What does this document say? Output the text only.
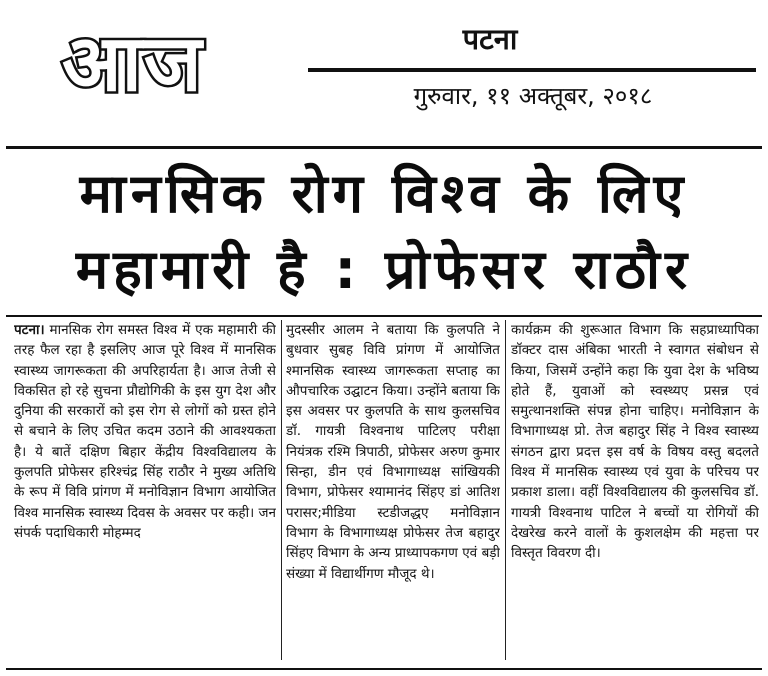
आज	पटना
गुरुवार, ११ अक्तूबर, २०१८
मानसिक रोग विश्व के लिए
महामारी है : प्रोफेसर राठौर

पटना। मानसिक रोग समस्त विश्व में एक महामारी की तरह फैल रहा है इसलिए आज पूरे विश्व में मानसिक स्वास्थ्य जागरूकता की अपरिहार्यता है। आज तेजी से विकसित हो रहे सुचना प्रौद्योगिकी के इस युग देश और दुनिया की सरकारों को इस रोग से लोगों को ग्रस्त होने से बचाने के लिए उचित कदम उठाने की आवश्यकता है। ये बातें दक्षिण बिहार केंद्रीय विश्वविद्यालय के कुलपति प्रोफेसर हरिश्चंद्र सिंह राठौर ने मुख्य अतिथि के रूप में विवि प्रांगण में मनोविज्ञान विभाग आयोजित विश्व मानसिक स्वास्थ्य दिवस के अवसर पर कही। जन संपर्क पदाधिकारी मोहम्मद

मुदस्सीर आलम ने बताया कि कुलपति ने बुधवार सुबह विवि प्रांगण में आयोजित श्मानसिक स्वास्थ्य जागरूकता सप्ताह का औपचारिक उद्घाटन किया। उन्होंने बताया कि इस अवसर पर कुलपति के साथ कुलसचिव डॉ. गायत्री विश्वनाथ पाटिलए परीक्षा नियंत्रक रश्मि त्रिपाठी, प्रोफेसर अरुण कुमार सिन्हा, डीन एवं विभागाध्यक्ष सांखियकी विभाग, प्रोफेसर श्यामानंद सिंहए डां आतिश परासर;मीडिया स्टडीजद्धए मनोविज्ञान विभाग के विभागाध्यक्ष प्रोफेसर तेज बहादुर सिंहए विभाग के अन्य प्राध्यापकगण एवं बड़ी संख्या में विद्यार्थीगण मौजूद थे।

कार्यक्रम की शुरूआत विभाग कि सहप्राध्यापिका डॉक्टर दास अंबिका भारती ने स्वागत संबोधन से किया, जिसमें उन्होंने कहा कि युवा देश के भविष्य होते हैं, युवाओं को स्वस्थ्यए प्रसन्न एवं समुत्थानशक्ति संपन्न होना चाहिए। मनोविज्ञान के विभागाध्यक्ष प्रो. तेज बहादुर सिंह ने विश्व स्वास्थ्य संगठन द्वारा प्रदत्त इस वर्ष के विषय वस्तु बदलते विश्व में मानसिक स्वास्थ्य एवं युवा के परिचय पर प्रकाश डाला। वहीं विश्वविद्यालय की कुलसचिव डॉ. गायत्री विश्वनाथ पाटिल ने बच्चों या रोगियों की देखरेख करने वालों के कुशलक्षेम की महत्ता पर विस्तृत विवरण दी।
